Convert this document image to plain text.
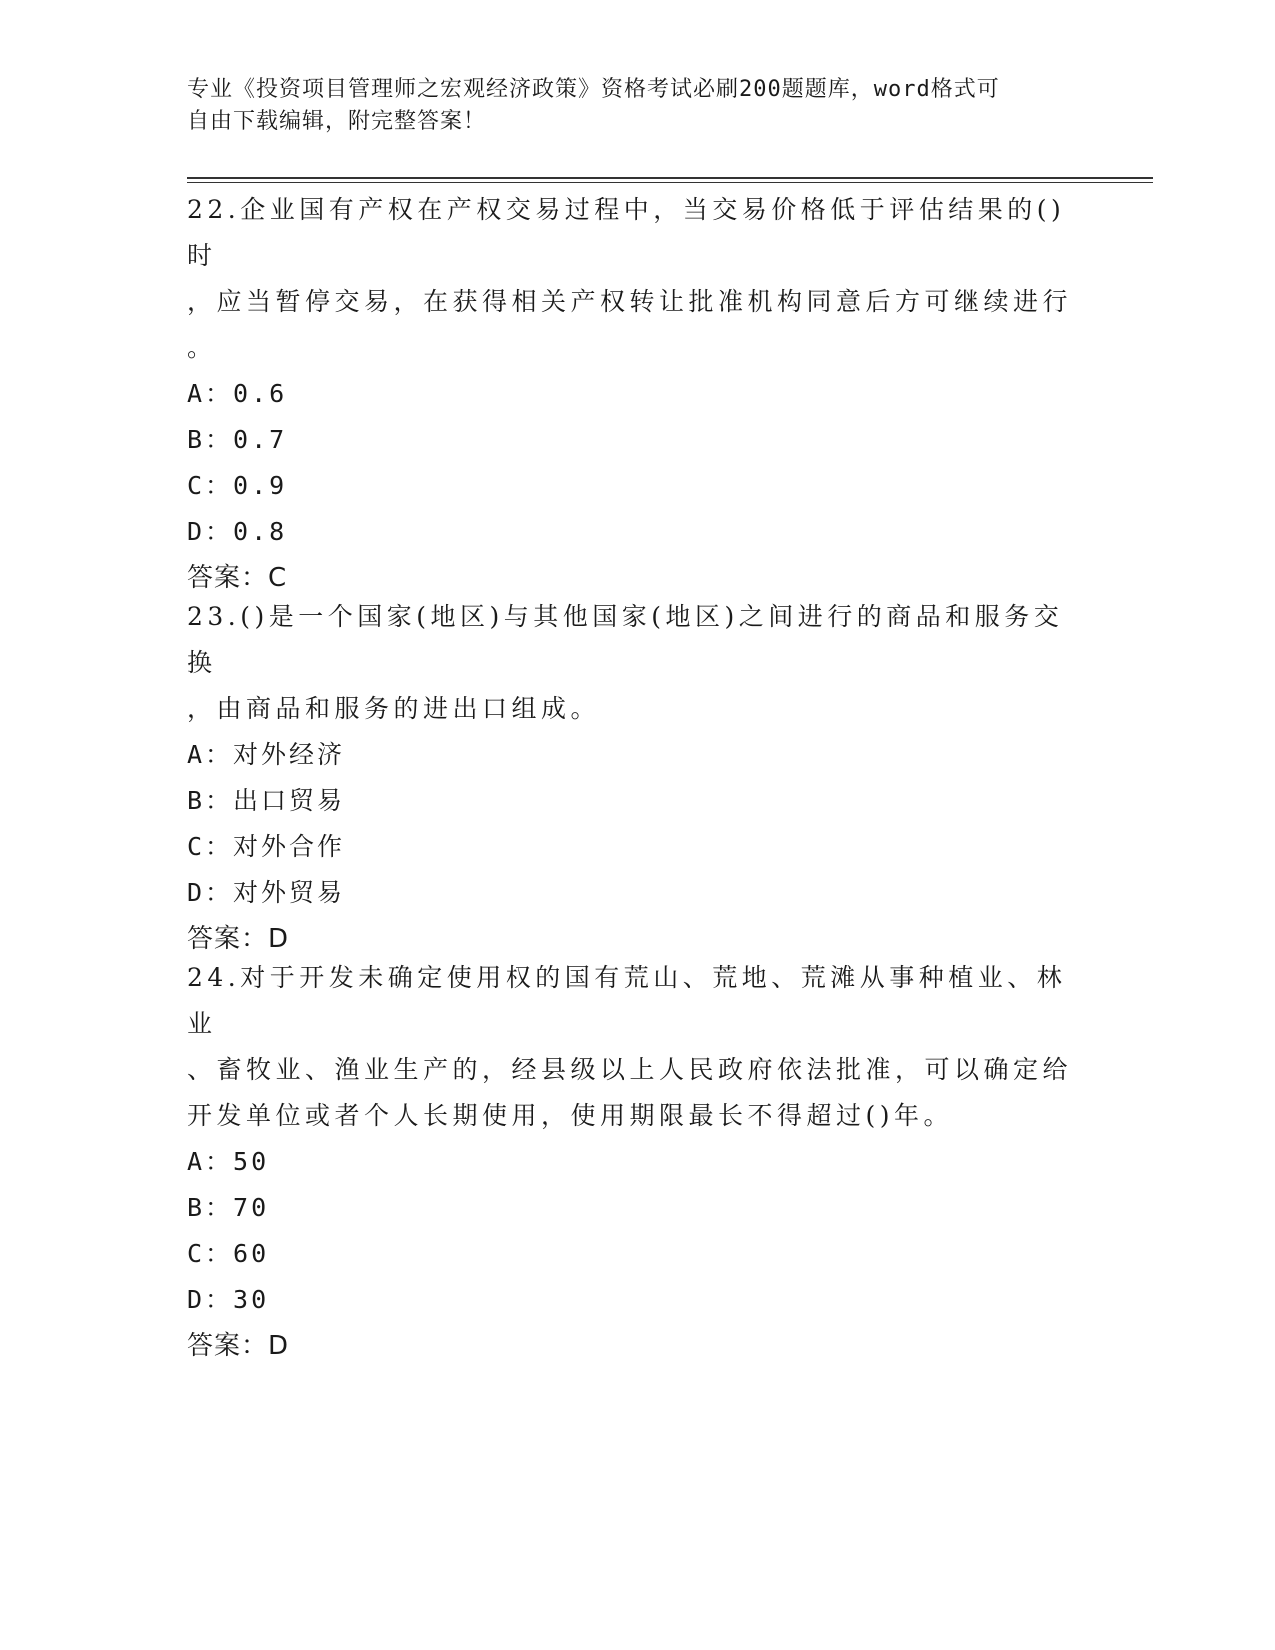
专业《投资项目管理师之宏观经济政策》资格考试必刷200题题库，word格式可
自由下载编辑，附完整答案！

22.企业国有产权在产权交易过程中，当交易价格低于评估结果的()时

，应当暂停交易，在获得相关产权转让批准机构同意后方可继续进行

。

A：0.6

B：0.7

C：0.9

D：0.8

答案：C

23.()是一个国家(地区)与其他国家(地区)之间进行的商品和服务交换

，由商品和服务的进出口组成。

A：对外经济

B：出口贸易

C：对外合作

D：对外贸易

答案：D

24.对于开发未确定使用权的国有荒山、荒地、荒滩从事种植业、林业

、畜牧业、渔业生产的，经县级以上人民政府依法批准，可以确定给

开发单位或者个人长期使用，使用期限最长不得超过()年。

A：50

B：70

C：60

D：30

答案：D
